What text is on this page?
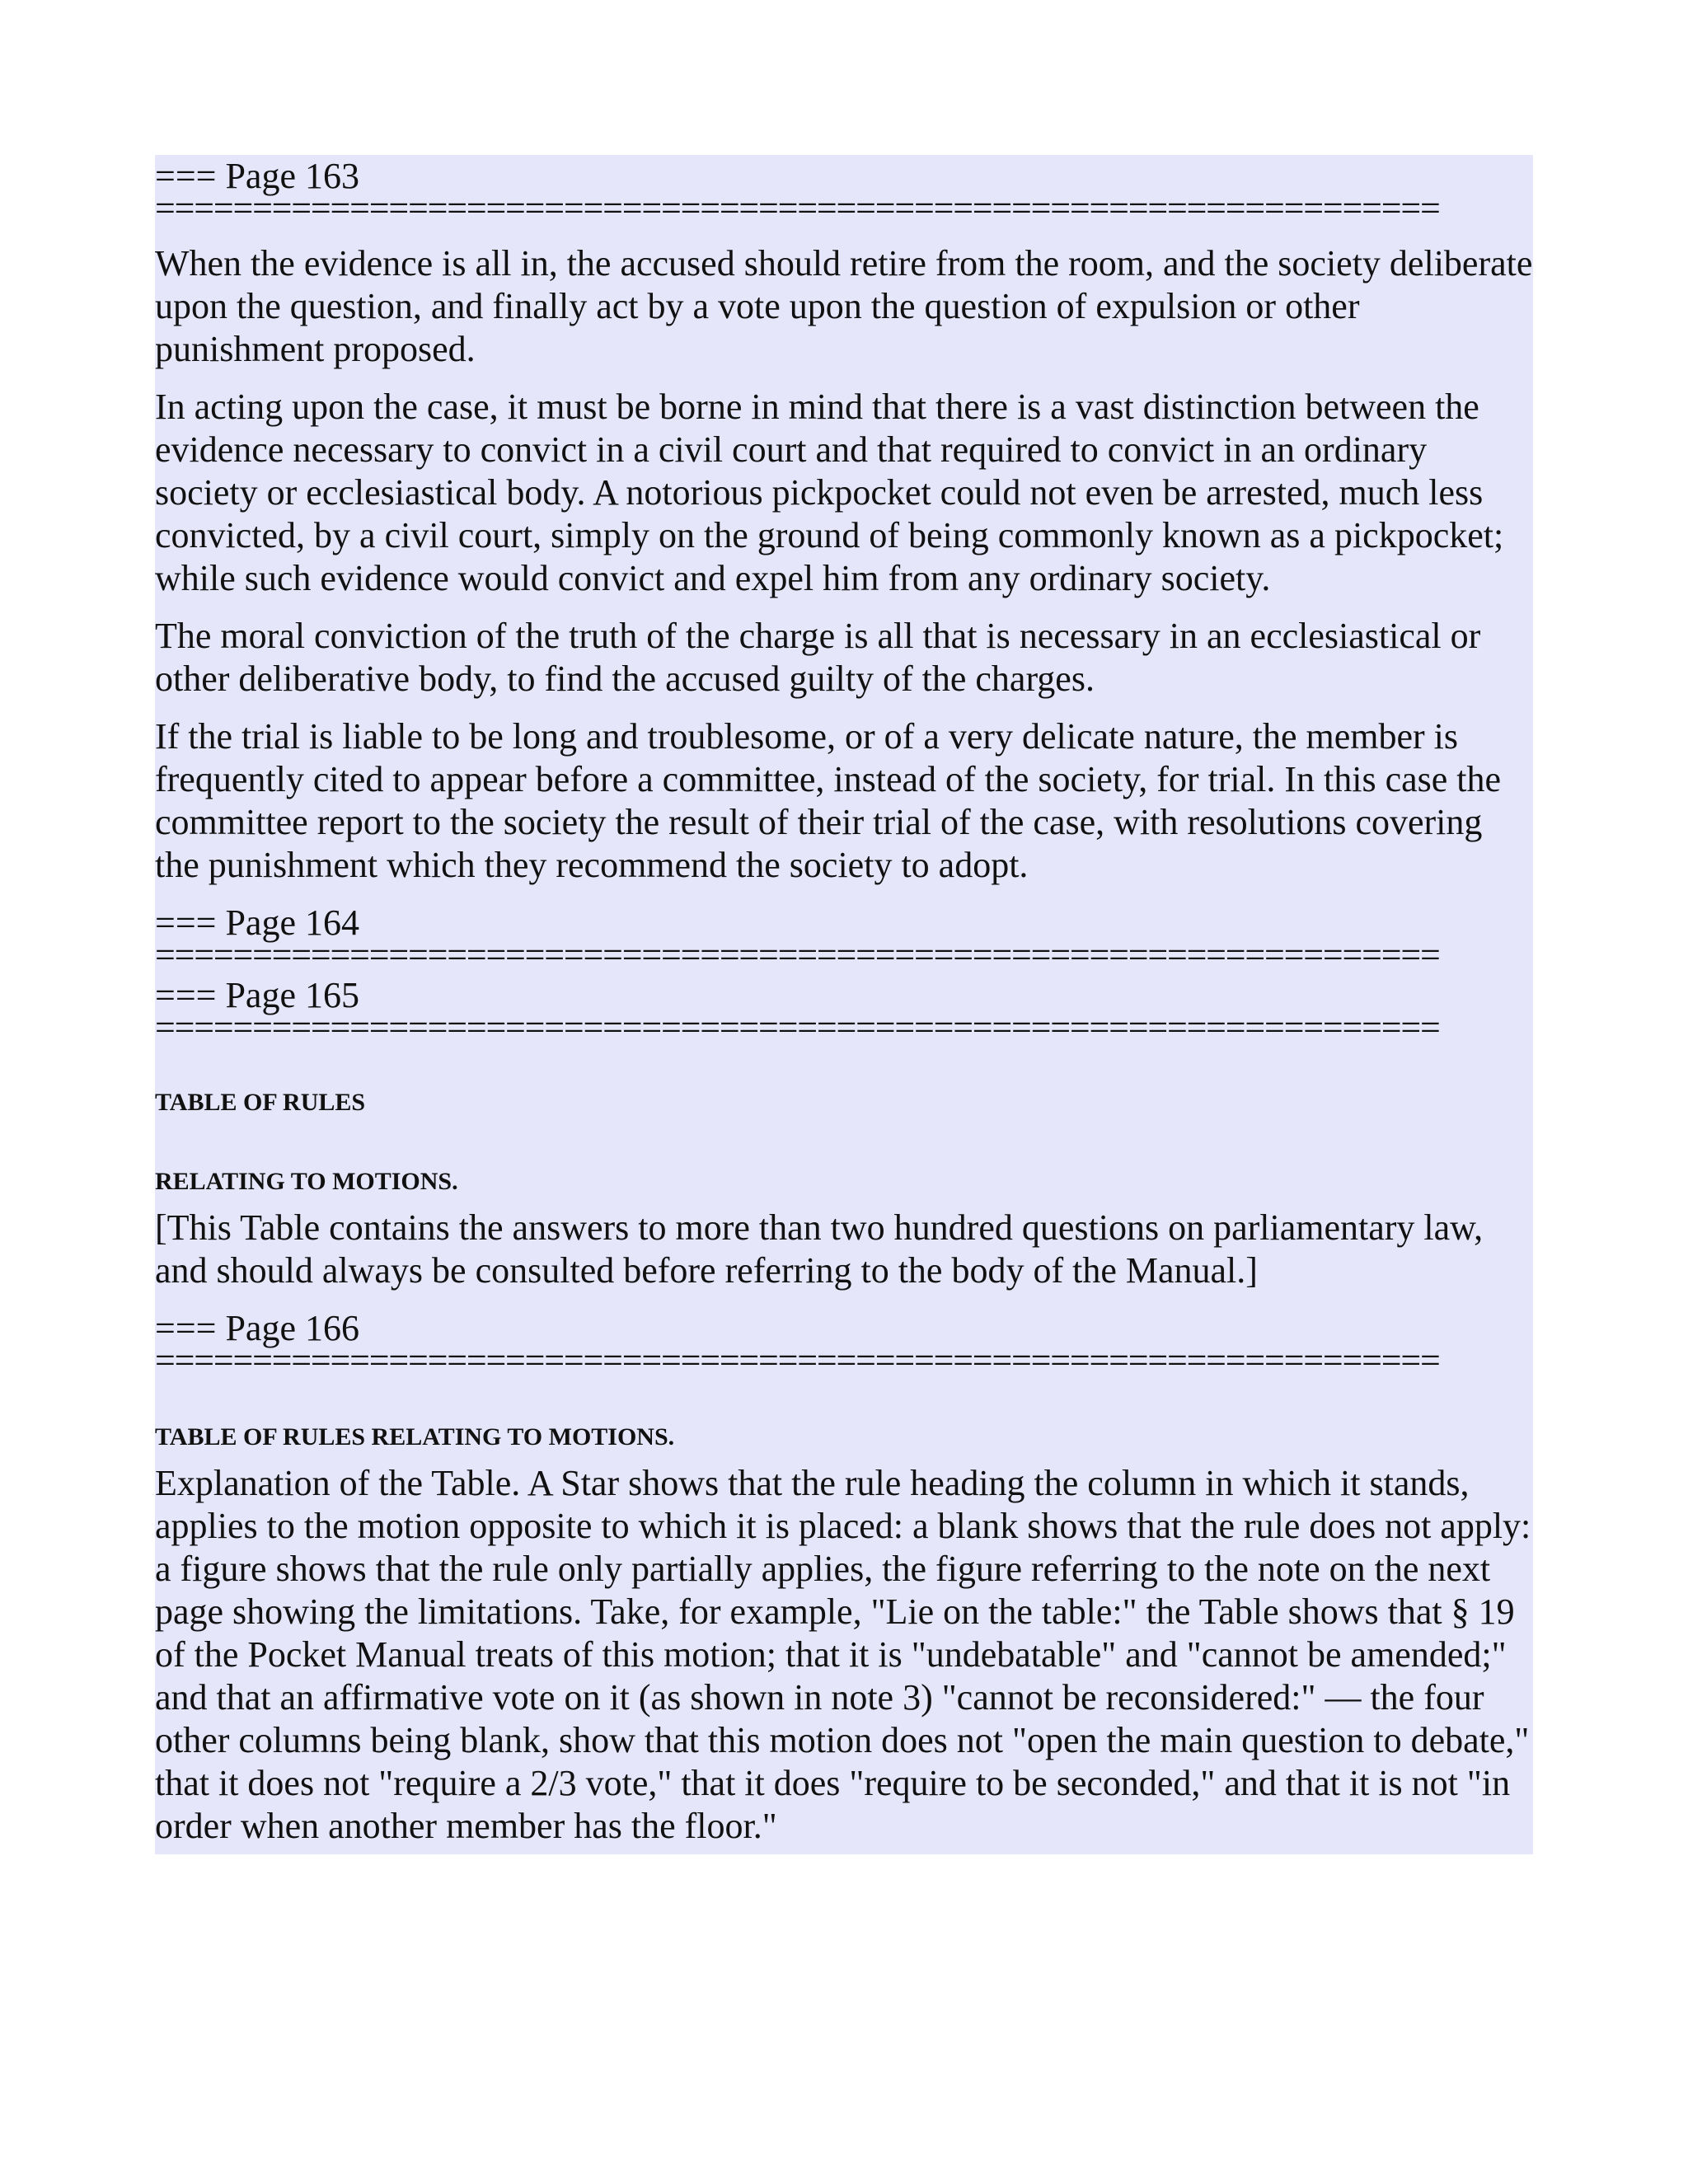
=== Page 163
==================================================================

When the evidence is all in, the accused should retire from the room, and the society deliberate upon the question, and finally act by a vote upon the question of expulsion or other punishment proposed.

In acting upon the case, it must be borne in mind that there is a vast distinction between the evidence necessary to convict in a civil court and that required to convict in an ordinary society or ecclesiastical body. A notorious pickpocket could not even be arrested, much less convicted, by a civil court, simply on the ground of being commonly known as a pickpocket; while such evidence would convict and expel him from any ordinary society.

The moral conviction of the truth of the charge is all that is necessary in an ecclesiastical or other deliberative body, to find the accused guilty of the charges.

If the trial is liable to be long and troublesome, or of a very delicate nature, the member is frequently cited to appear before a committee, instead of the society, for trial. In this case the committee report to the society the result of their trial of the case, with resolutions covering the punishment which they recommend the society to adopt.

=== Page 164
==================================================================
=== Page 165
==================================================================
TABLE OF RULES
RELATING TO MOTIONS.

[This Table contains the answers to more than two hundred questions on parliamentary law, and should always be consulted before referring to the body of the Manual.]

=== Page 166
==================================================================
TABLE OF RULES RELATING TO MOTIONS.

Explanation of the Table. A Star shows that the rule heading the column in which it stands, applies to the motion opposite to which it is placed: a blank shows that the rule does not apply: a figure shows that the rule only partially applies, the figure referring to the note on the next page showing the limitations. Take, for example, "Lie on the table:" the Table shows that § 19 of the Pocket Manual treats of this motion; that it is "undebatable" and "cannot be amended;" and that an affirmative vote on it (as shown in note 3) "cannot be reconsidered:" — the four other columns being blank, show that this motion does not "open the main question to debate," that it does not "require a 2/3 vote," that it does "require to be seconded," and that it is not "in order when another member has the floor."
